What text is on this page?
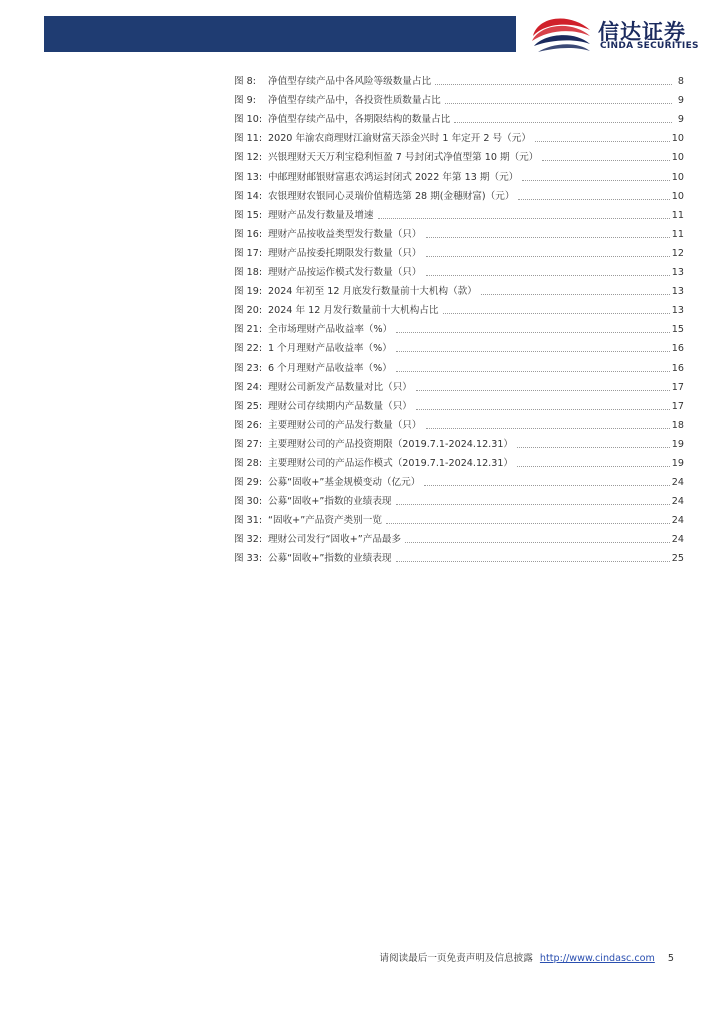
信达证券
CINDA SECURITIES
图 8:	净值型存续产品中各风险等级数量占比	8
图 9:	净值型存续产品中，各投资性质数量占比	9
图 10: 净值型存续产品中，各期限结构的数量占比	9
图 11: 2020 年渝农商理财江渝财富天添金兴时 1 年定开 2 号（元）	10
图 12: 兴银理财天天万利宝稳利恒盈 7 号封闭式净值型第 10 期（元）	10
图 13: 中邮理财邮银财富惠农鸿运封闭式 2022 年第 13 期（元）	10
图 14: 农银理财农银同心灵瑞价值精选第 28 期(金穗财富)（元）	10
图 15: 理财产品发行数量及增速	11
图 16: 理财产品按收益类型发行数量（只）	11
图 17: 理财产品按委托期限发行数量（只）	12
图 18: 理财产品按运作模式发行数量（只）	13
图 19: 2024 年初至 12 月底发行数量前十大机构（款）	13
图 20: 2024 年 12 月发行数量前十大机构占比	13
图 21: 全市场理财产品收益率（%）	15
图 22: 1 个月理财产品收益率（%）	16
图 23: 6 个月理财产品收益率（%）	16
图 24: 理财公司新发产品数量对比（只）	17
图 25: 理财公司存续期内产品数量（只）	17
图 26: 主要理财公司的产品发行数量（只）	18
图 27: 主要理财公司的产品投资期限（2019.7.1-2024.12.31）	19
图 28: 主要理财公司的产品运作模式（2019.7.1-2024.12.31）	19
图 29: 公募“固收+”基金规模变动（亿元）	24
图 30: 公募“固收+”指数的业绩表现	24
图 31: “固收+”产品资产类别一览	24
图 32: 理财公司发行“固收+”产品最多	24
图 33: 公募“固收+”指数的业绩表现	25
请阅读最后一页免责声明及信息披露 http://www.cindasc.com 5
